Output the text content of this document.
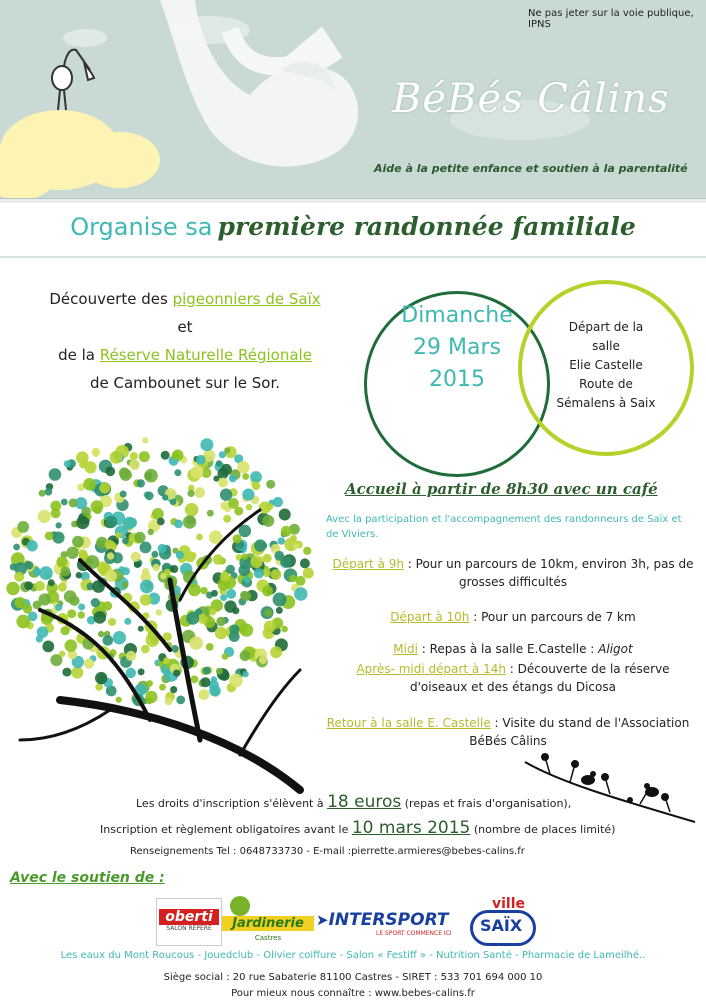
Ne pas jeter sur la voie publique, IPNS
BéBés Câlins
Aide à la petite enfance et soutien à la parentalité
Organise sa première randonnée familiale
Découverte des pigeonniers de Saïx
et
de la Réserve Naturelle Régionale
de Cambounet sur le Sor.
Dimanche
29 Mars
2015
Départ de la
salle
Elie Castelle
Route de
Sémalens à Saix
Accueil à partir de 8h30 avec un café
Avec la participation et l'accompagnement des randonneurs de Saïx et de Viviers.
Départ à 9h : Pour un parcours de 10km, environ 3h, pas de grosses difficultés
Départ à 10h : Pour un parcours de 7 km
Midi : Repas à la salle E.Castelle : Aligot
Après- midi départ à 14h : Découverte de la réserve d'oiseaux et des étangs du Dicosa
Retour à la salle E. Castelle : Visite du stand de l'Association BéBés Câlins
Les droits d'inscription s'élèvent à 18 euros (repas et frais d'organisation),
Inscription et règlement obligatoires avant le 10 mars 2015 (nombre de places limité)
Renseignements Tel : 0648733730 - E-mail :pierrette.armieres@bebes-calins.fr
Avec le soutien de :
oberti
SALON REPERE	Jardinerie
Castres
➤INTERSPORT
LE SPORT COMMENCE ICI
ville
SAÏX
Les eaux du Mont Roucous - Jouedclub - Olivier coiffure - Salon « Festiff » - Nutrition Santé - Pharmacie de Lameilhé..
Siège social : 20 rue Sabaterie 81100 Castres - SIRET : 533 701 694 000 10
Pour mieux nous connaître : www.bebes-calins.fr
